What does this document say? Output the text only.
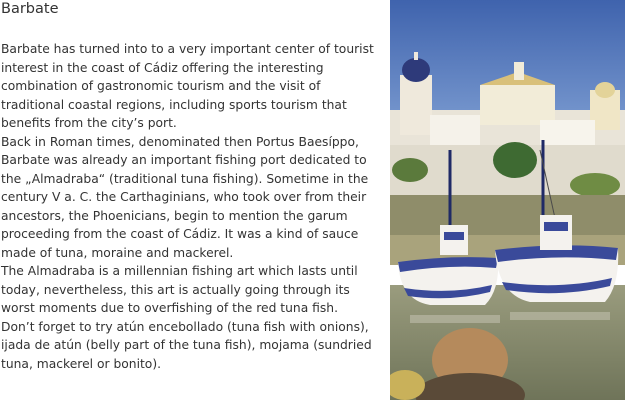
Barbate

Barbate has turned into to a very important center of tourist interest in the coast of Cádiz offering the interesting combination of gastronomic tourism and the visit of traditional coastal regions, including sports tourism that benefits from the city’s port.

Back in Roman times, denominated then Portus Baesíppo, Barbate was already an important fishing port dedicated to the „Almadraba“ (traditional tuna fishing). Sometime in the century V a. C. the Carthaginians, who took over from their ancestors, the Phoenicians, begin to mention the garum proceeding from the coast of Cádiz. It was a kind of sauce made of tuna, moraine and mackerel.

The Almadraba is a millennian fishing art which lasts until today, nevertheless, this art is actually going through its worst moments due to overfishing of the red tuna fish.

Don’t forget to try atún encebollado (tuna fish with onions), ijada de atún (belly part of the tuna fish), mojama (sundried tuna, mackerel or bonito).
